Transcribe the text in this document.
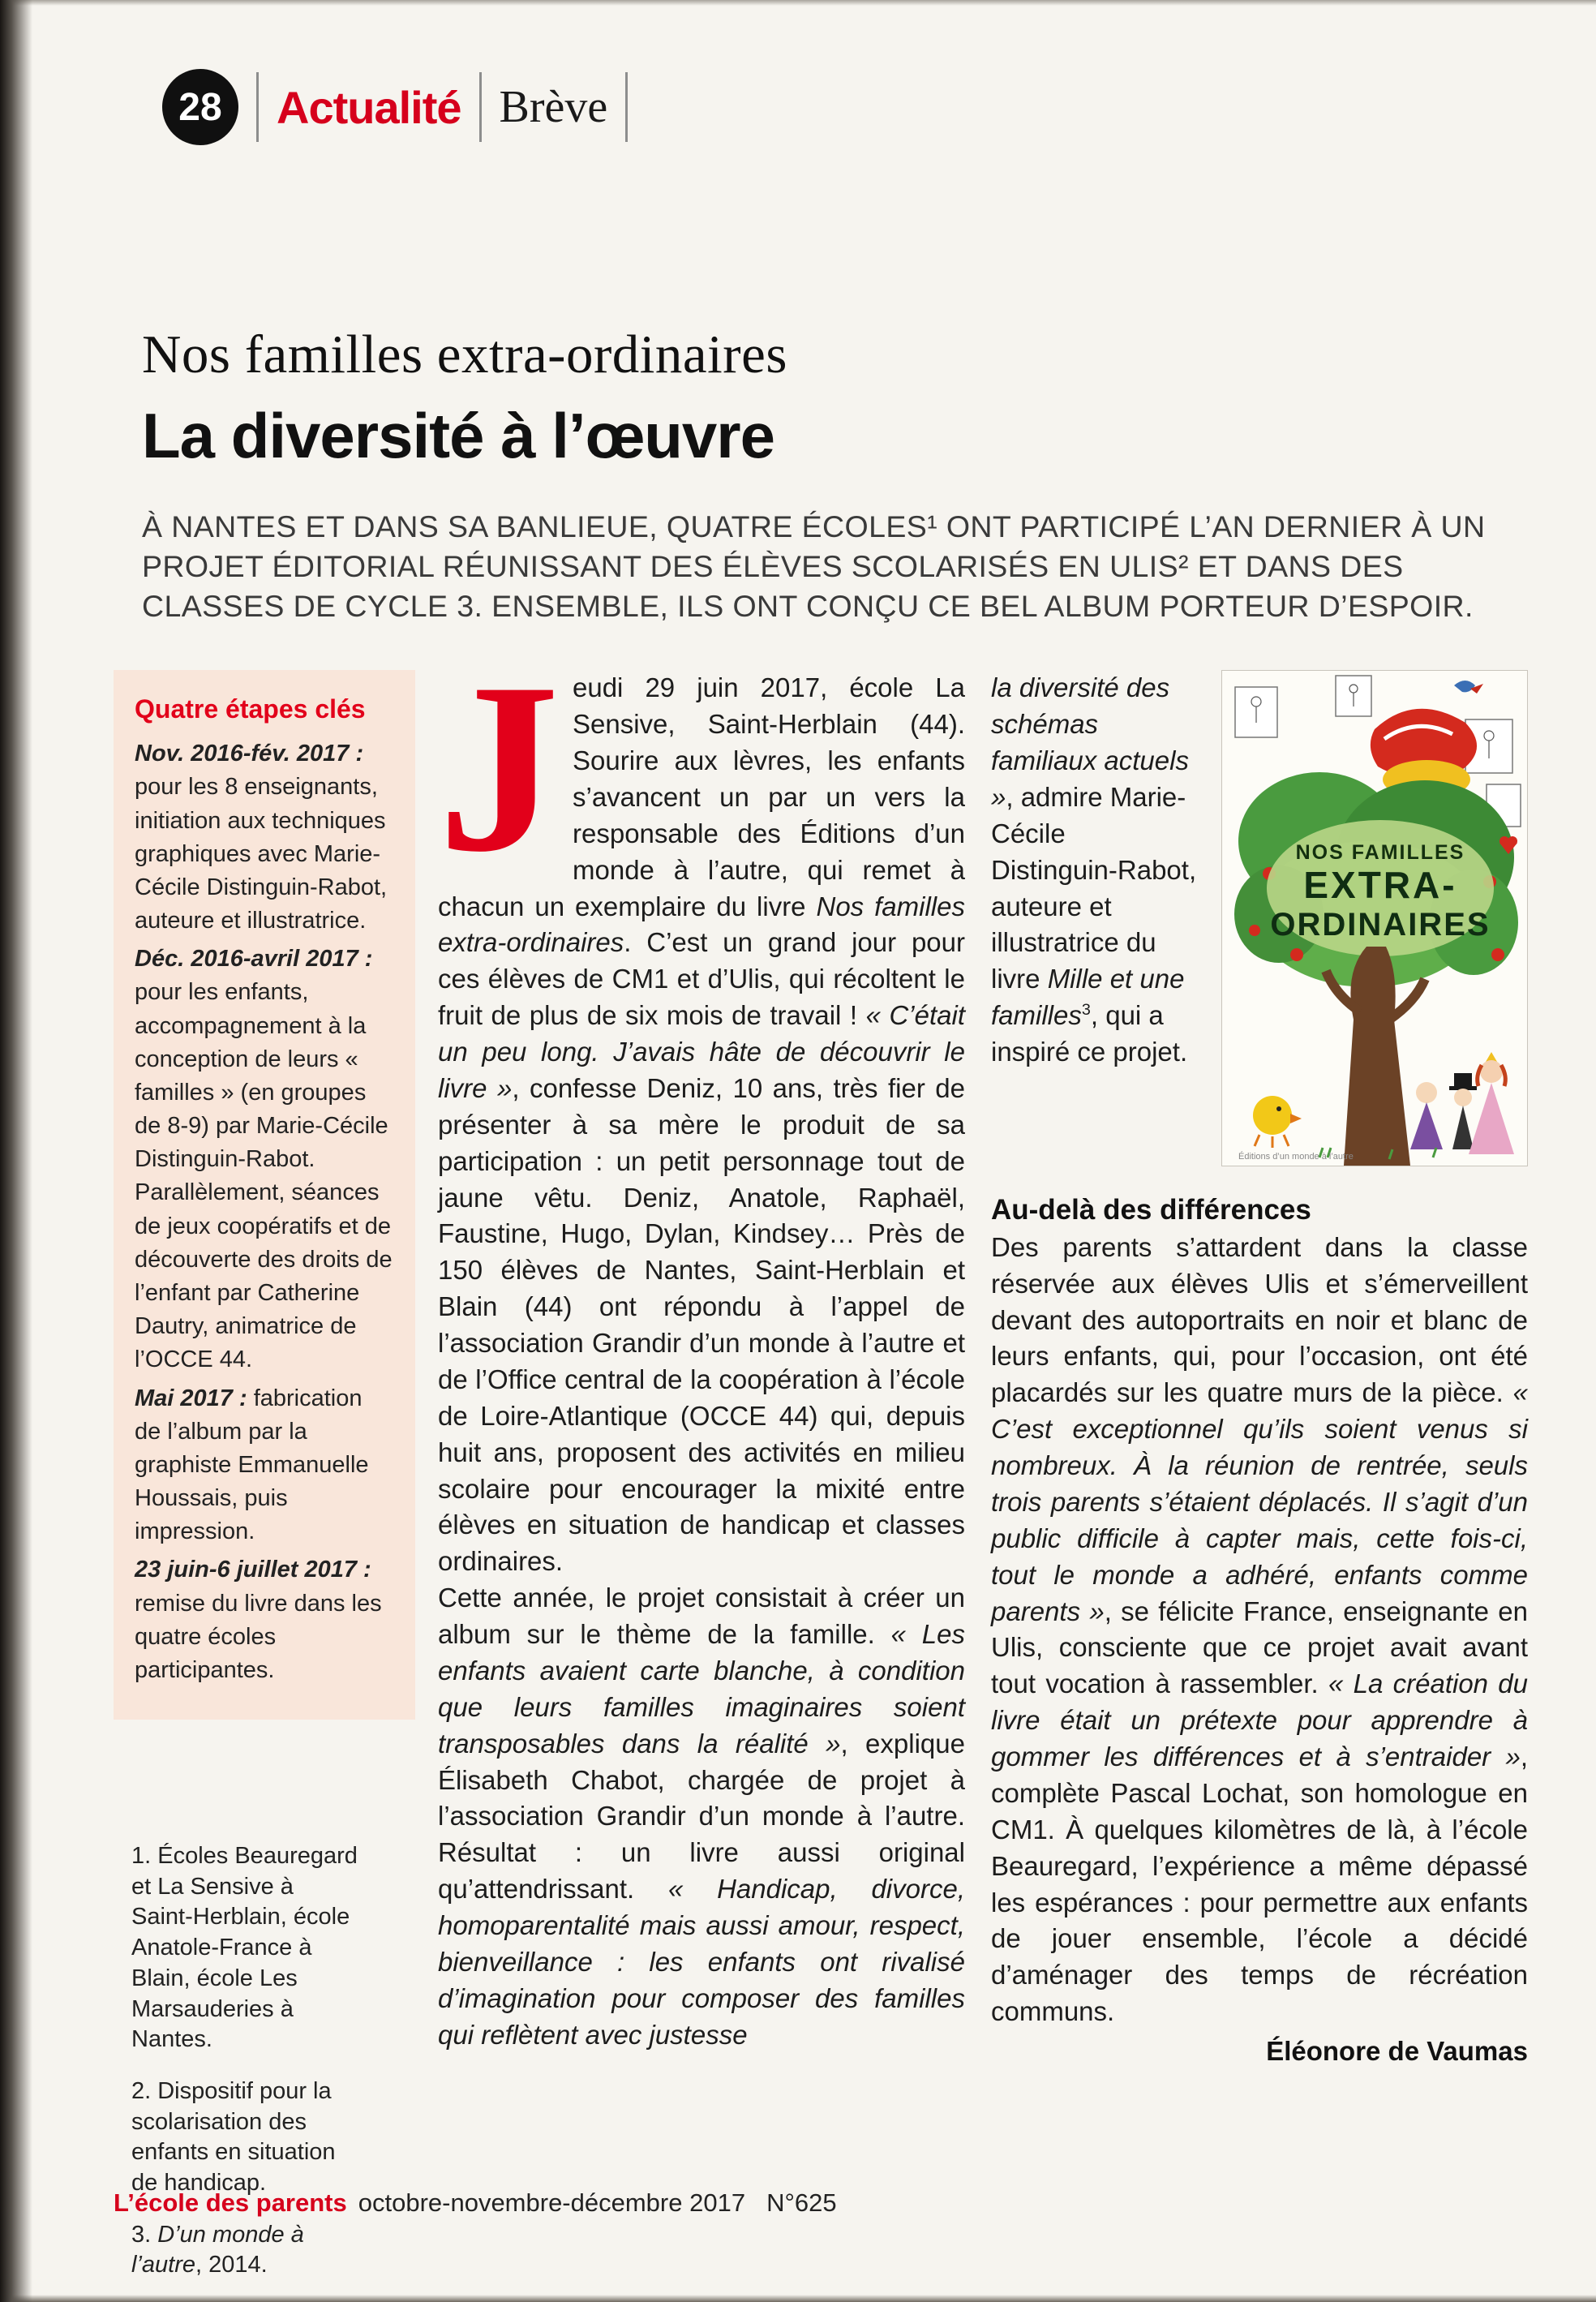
28 Actualité Brève
Nos familles extra-ordinaires
La diversité à l’œuvre
À NANTES ET DANS SA BANLIEUE, QUATRE ÉCOLES¹ ONT PARTICIPÉ L’AN DERNIER À UN PROJET ÉDITORIAL RÉUNISSANT DES ÉLÈVES SCOLARISÉS EN ULIS² ET DANS DES CLASSES DE CYCLE 3. ENSEMBLE, ILS ONT CONÇU CE BEL ALBUM PORTEUR D’ESPOIR.
Quatre étapes clés

Nov. 2016-fév. 2017 : pour les 8 enseignants, initiation aux techniques graphiques avec Marie-Cécile Distinguin-Rabot, auteure et illustratrice.

Déc. 2016-avril 2017 : pour les enfants, accompagnement à la conception de leurs « familles » (en groupes de 8-9) par Marie-Cécile Distinguin-Rabot. Parallèlement, séances de jeux coopératifs et de découverte des droits de l’enfant par Catherine Dautry, animatrice de l’OCCE 44.

Mai 2017 : fabrication de l’album par la graphiste Emmanuelle Houssais, puis impression.

23 juin-6 juillet 2017 : remise du livre dans les quatre écoles participantes.

1. Écoles Beauregard et La Sensive à Saint-Herblain, école Anatole-France à Blain, école Les Marsauderies à Nantes.
2. Dispositif pour la scolarisation des enfants en situation de handicap.
3. D’un monde à l’autre, 2014.

Jeudi 29 juin 2017, école La Sensive, Saint-Herblain (44). Sourire aux lèvres, les enfants s’avancent un par un vers la responsable des Éditions d’un monde à l’autre, qui remet à chacun un exemplaire du livre Nos familles extra-ordinaires. C’est un grand jour pour ces élèves de CM1 et d’Ulis, qui récoltent le fruit de plus de six mois de travail ! « C’était un peu long. J’avais hâte de découvrir le livre », confesse Deniz, 10 ans, très fier de présenter à sa mère le produit de sa participation : un petit personnage tout de jaune vêtu. Deniz, Anatole, Raphaël, Faustine, Hugo, Dylan, Kindsey… Près de 150 élèves de Nantes, Saint-Herblain et Blain (44) ont répondu à l’appel de l’association Grandir d’un monde à l’autre et de l’Office central de la coopération à l’école de Loire-Atlantique (OCCE 44) qui, depuis huit ans, proposent des activités en milieu scolaire pour encourager la mixité entre élèves en situation de handicap et classes ordinaires.

Cette année, le projet consistait à créer un album sur le thème de la famille. « Les enfants avaient carte blanche, à condition que leurs familles imaginaires soient transposables dans la réalité », explique Élisabeth Chabot, chargée de projet à l’association Grandir d’un monde à l’autre. Résultat : un livre aussi original qu’attendrissant. « Handicap, divorce, homoparentalité mais aussi amour, respect, bienveillance : les enfants ont rivalisé d’imagination pour composer des familles qui reflètent avec justesse

la diversité des schémas familiaux actuels », admire Marie-Cécile Distinguin-Rabot, auteure et illustratrice du livre Mille et une familles$^3$, qui a inspiré ce projet.

NOS FAMILLES
EXTRA-
ORDINAIRES
Éditions d’un monde à l’autre
Au-delà des différences

Des parents s’attardent dans la classe réservée aux élèves Ulis et s’émerveillent devant des autoportraits en noir et blanc de leurs enfants, qui, pour l’occasion, ont été placardés sur les quatre murs de la pièce. « C’est exceptionnel qu’ils soient venus si nombreux. À la réunion de rentrée, seuls trois parents s’étaient déplacés. Il s’agit d’un public difficile à capter mais, cette fois-ci, tout le monde a adhéré, enfants comme parents », se félicite France, enseignante en Ulis, consciente que ce projet avait avant tout vocation à rassembler. « La création du livre était un prétexte pour apprendre à gommer les différences et à s’entraider », complète Pascal Lochat, son homologue en CM1. À quelques kilomètres de là, à l’école Beauregard, l’expérience a même dépassé les espérances : pour permettre aux enfants de jouer ensemble, l’école a décidé d’aménager des temps de récréation communs.

Éléonore de Vaumas
L’école des parents octobre-novembre-décembre 2017 N°625
